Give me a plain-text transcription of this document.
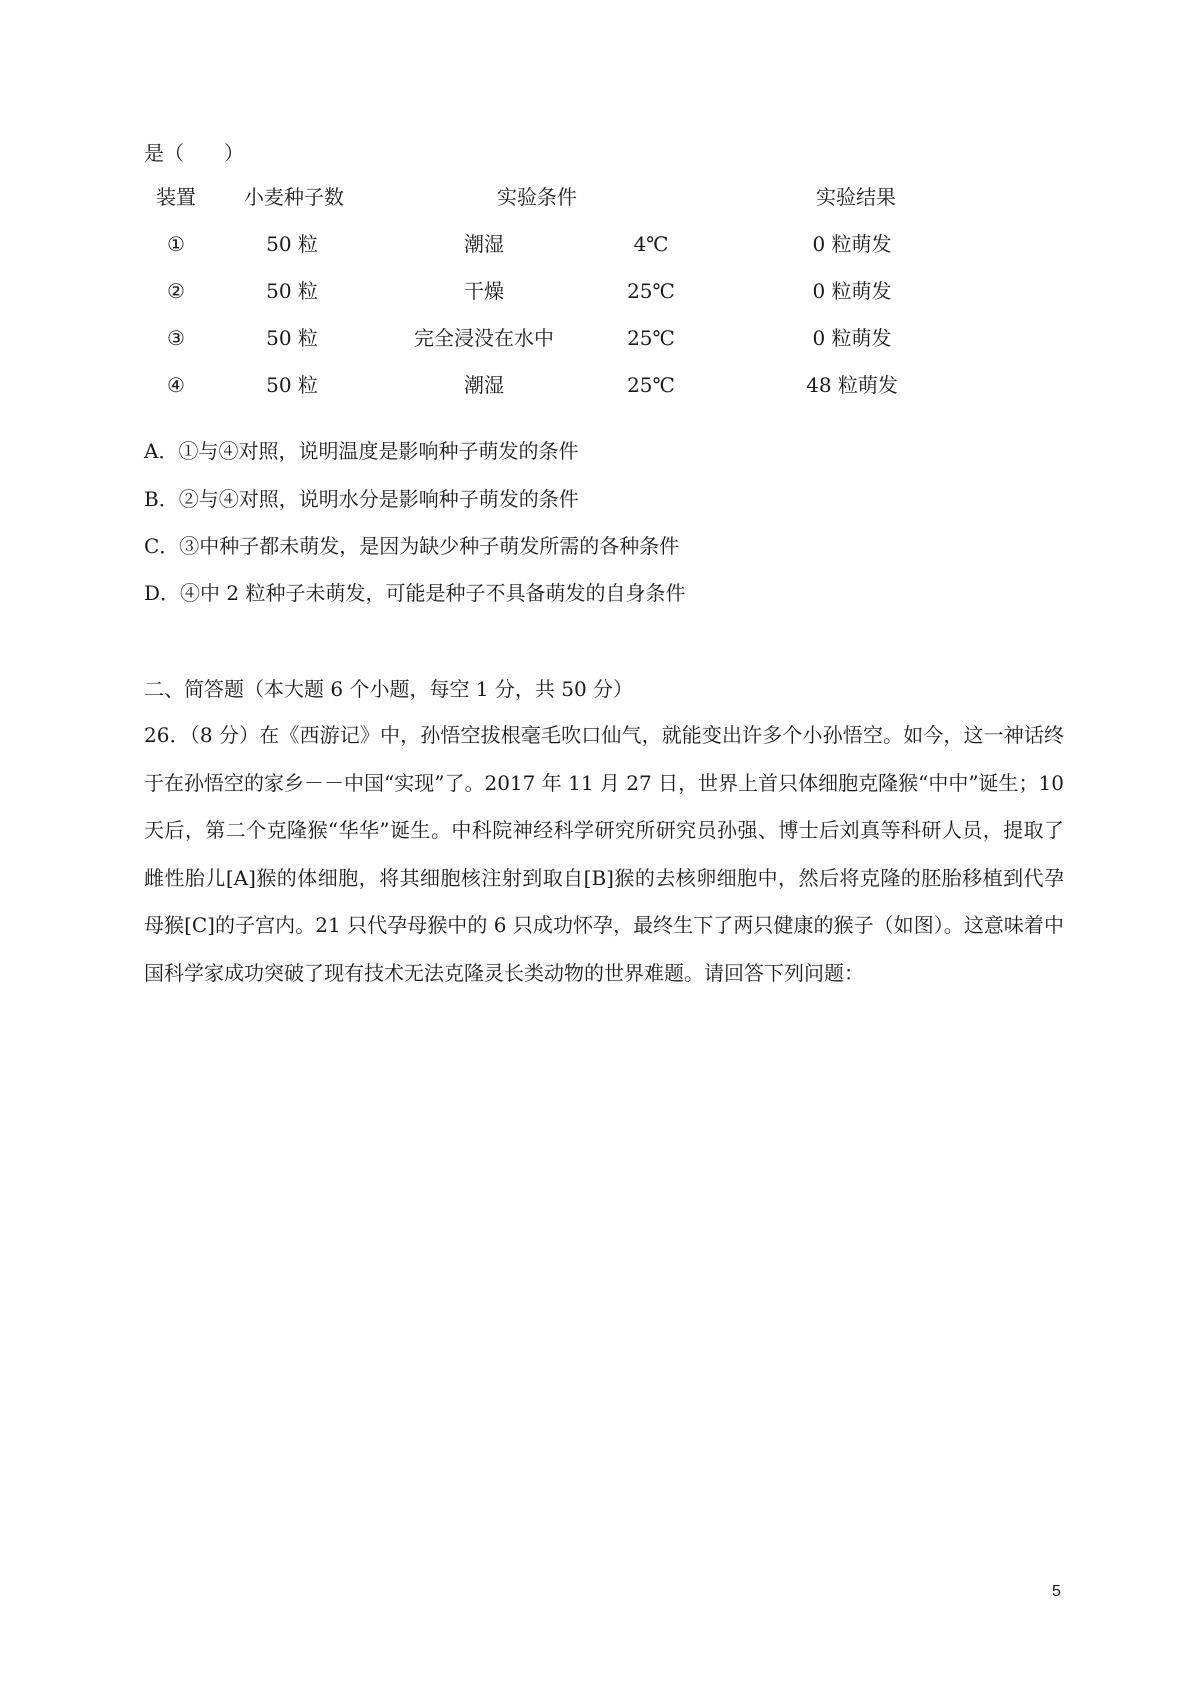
是（　　）
装置 小麦种子数	实验条件	实验结果
①	50 粒	潮湿	4℃	0 粒萌发
②	50 粒	干燥	25℃	0 粒萌发
③	50 粒	完全浸没在水中	25℃	0 粒萌发
④	50 粒	潮湿	25℃	48 粒萌发
A．①与④对照，说明温度是影响种子萌发的条件
B．②与④对照，说明水分是影响种子萌发的条件
C．③中种子都未萌发，是因为缺少种子萌发所需的各种条件
D．④中 2 粒种子未萌发，可能是种子不具备萌发的自身条件
二、简答题（本大题 6 个小题，每空 1 分，共 50 分）
26．（8 分）在《西游记》中，孙悟空拔根毫毛吹口仙气，就能变出许多个小孙悟空。如今，这一神话终于在孙悟空的家乡－－中国“实现”了。2017 年 11 月 27 日，世界上首只体细胞克隆猴“中中”诞生；10 天后，第二个克隆猴“华华”诞生。中科院神经科学研究所研究员孙强、博士后刘真等科研人员，提取了雌性胎儿[A]猴的体细胞，将其细胞核注射到取自[B]猴的去核卵细胞中，然后将克隆的胚胎移植到代孕母猴[C]的子宫内。21 只代孕母猴中的 6 只成功怀孕，最终生下了两只健康的猴子（如图）。这意味着中国科学家成功突破了现有技术无法克隆灵长类动物的世界难题。请回答下列问题：
5
